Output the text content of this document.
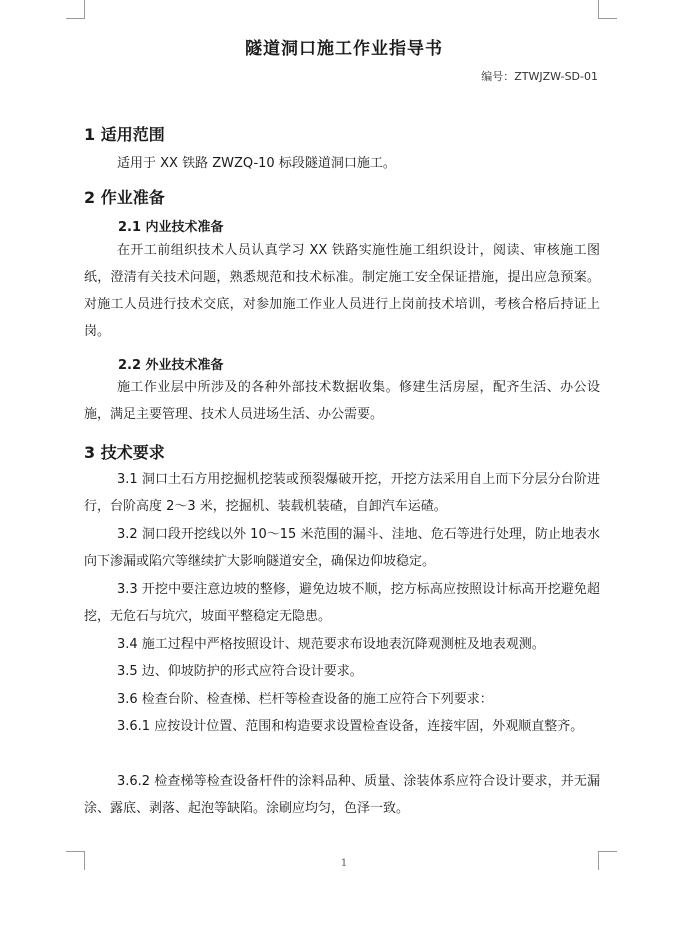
隧道洞口施工作业指导书
编号：ZTWJZW-SD-01
1 适用范围
适用于 XX 铁路 ZWZQ-10 标段隧道洞口施工。
2 作业准备
2.1 内业技术准备
在开工前组织技术人员认真学习 XX 铁路实施性施工组织设计，阅读、审核施工图纸，澄清有关技术问题，熟悉规范和技术标准。制定施工安全保证措施，提出应急预案。对施工人员进行技术交底，对参加施工作业人员进行上岗前技术培训，考核合格后持证上岗。
2.2 外业技术准备
施工作业层中所涉及的各种外部技术数据收集。修建生活房屋，配齐生活、办公设施，满足主要管理、技术人员进场生活、办公需要。
3 技术要求
3.1 洞口土石方用挖掘机挖装或预裂爆破开挖，开挖方法采用自上而下分层分台阶进行，台阶高度 2～3 米，挖掘机、装载机装碴，自卸汽车运碴。
3.2 洞口段开挖线以外 10～15 米范围的漏斗、洼地、危石等进行处理，防止地表水向下渗漏或陷穴等继续扩大影响隧道安全，确保边仰坡稳定。
3.3 开挖中要注意边坡的整修，避免边坡不顺，挖方标高应按照设计标高开挖避免超挖，无危石与坑穴，坡面平整稳定无隐患。
3.4 施工过程中严格按照设计、规范要求布设地表沉降观测桩及地表观测。
3.5 边、仰坡防护的形式应符合设计要求。
3.6 检查台阶、检查梯、栏杆等检查设备的施工应符合下列要求：
3.6.1 应按设计位置、范围和构造要求设置检查设备，连接牢固，外观顺直整齐。
3.6.2 检查梯等检查设备杆件的涂料品种、质量、涂装体系应符合设计要求，并无漏涂、露底、剥落、起泡等缺陷。涂刷应均匀，色泽一致。
1
